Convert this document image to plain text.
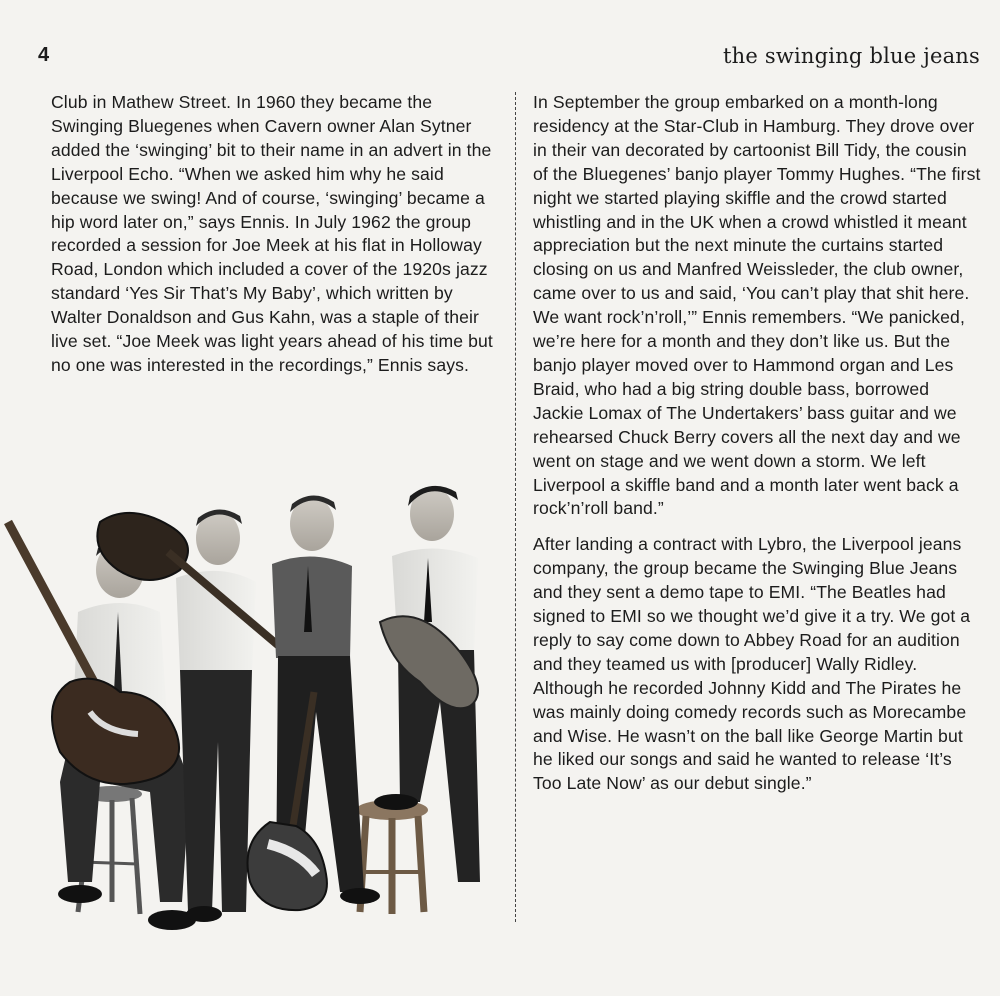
4	the swinging blue jeans

Club in Mathew Street. In 1960 they became the Swinging Bluegenes when Cavern owner Alan Sytner added the ‘swinging’ bit to their name in an advert in the Liverpool Echo. “When we asked him why he said because we swing! And of course, ‘swinging’ became a hip word later on,” says Ennis. In July 1962 the group recorded a session for Joe Meek at his flat in Holloway Road, London which included a cover of the 1920s jazz standard ‘Yes Sir That’s My Baby’, which written by Walter Donaldson and Gus Kahn, was a staple of their live set. “Joe Meek was light years ahead of his time but no one was interested in the recordings,” Ennis says.

In September the group embarked on a month-long residency at the Star-Club in Hamburg. They drove over in their van decorated by cartoonist Bill Tidy, the cousin of the Bluegenes’ banjo player Tommy Hughes. “The first night we started playing skiffle and the crowd started whistling and in the UK when a crowd whistled it meant appreciation but the next minute the curtains started closing on us and Manfred Weissleder, the club owner, came over to us and said, ‘You can’t play that shit here. We want rock’n’roll,’” Ennis remembers. “We panicked, we’re here for a month and they don’t like us. But the banjo player moved over to Hammond organ and Les Braid, who had a big string double bass, borrowed Jackie Lomax of The Undertakers’ bass guitar and we rehearsed Chuck Berry covers all the next day and we went on stage and we went down a storm. We left Liverpool a skiffle band and a month later went back a rock’n’roll band.”

After landing a contract with Lybro, the Liverpool jeans company, the group became the Swinging Blue Jeans and they sent a demo tape to EMI. “The Beatles had signed to EMI so we thought we’d give it a try. We got a reply to say come down to Abbey Road for an audition and they teamed us with [producer] Wally Ridley. Although he recorded Johnny Kidd and The Pirates he was mainly doing comedy records such as Morecambe and Wise. He wasn’t on the ball like George Martin but he liked our songs and said he wanted to release ‘It’s Too Late Now’ as our debut single.”
